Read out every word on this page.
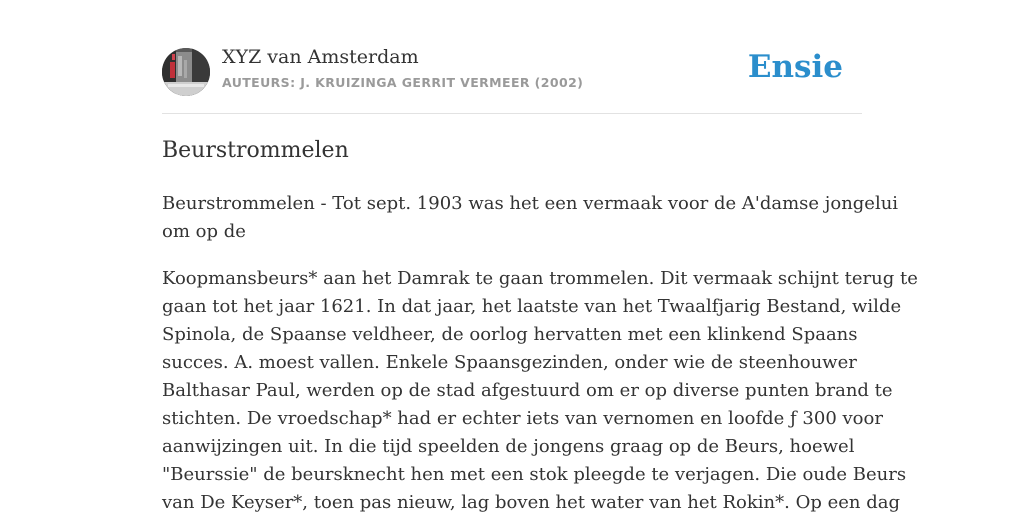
XYZ van Amsterdam
AUTEURS: J. KRUIZINGA GERRIT VERMEER (2002)	Ensie
Beurstrommelen

Beurstrommelen - Tot sept. 1903 was het een vermaak voor de A'damse jongelui
om op de

Koopmansbeurs* aan het Damrak te gaan trommelen. Dit vermaak schijnt terug te
gaan tot het jaar 1621. In dat jaar, het laatste van het Twaalfjarig Bestand, wilde
Spinola, de Spaanse veldheer, de oorlog hervatten met een klinkend Spaans
succes. A. moest vallen. Enkele Spaansgezinden, onder wie de steenhouwer
Balthasar Paul, werden op de stad afgestuurd om er op diverse punten brand te
stichten. De vroedschap* had er echter iets van vernomen en loofde ƒ 300 voor
aanwijzingen uit. In die tijd speelden de jongens graag op de Beurs, hoewel
"Beurssie" de beursknecht hen met een stok pleegde te verjagen. Die oude Beurs
van De Keyser*, toen pas nieuw, lag boven het water van het Rokin*. Op een dag
